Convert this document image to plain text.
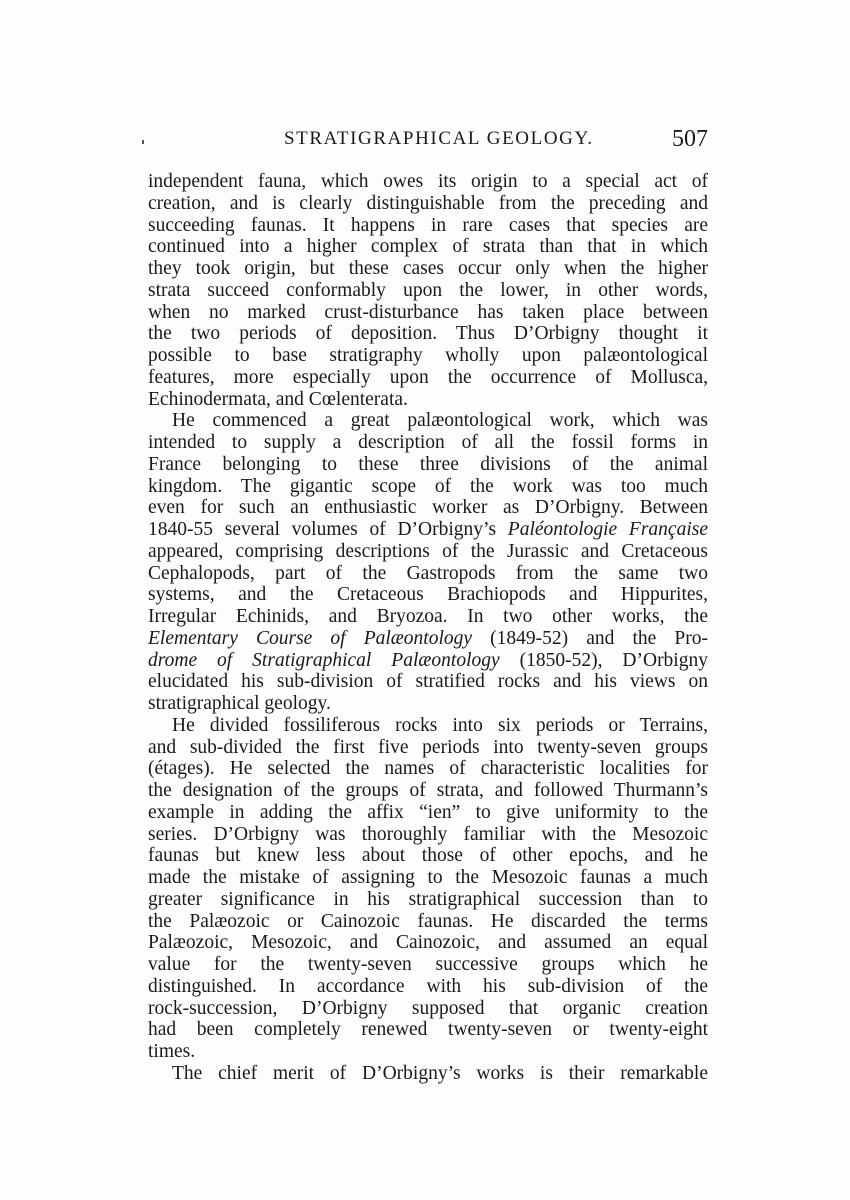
STRATIGRAPHICAL GEOLOGY.	507
independent fauna, which owes its origin to a special act of
creation, and is clearly distinguishable from the preceding and
succeeding faunas. It happens in rare cases that species are
continued into a higher complex of strata than that in which
they took origin, but these cases occur only when the higher
strata succeed conformably upon the lower, in other words,
when no marked crust-disturbance has taken place between
the two periods of deposition. Thus D’Orbigny thought it
possible to base stratigraphy wholly upon palæontological
features, more especially upon the occurrence of Mollusca,
Echinodermata, and Cœlenterata.
He commenced a great palæontological work, which was
intended to supply a description of all the fossil forms in
France belonging to these three divisions of the animal
kingdom. The gigantic scope of the work was too much
even for such an enthusiastic worker as D’Orbigny. Between
1840-55 several volumes of D’Orbigny’s Paléontologie Française
appeared, comprising descriptions of the Jurassic and Cretaceous
Cephalopods, part of the Gastropods from the same two
systems, and the Cretaceous Brachiopods and Hippurites,
Irregular Echinids, and Bryozoa. In two other works, the
Elementary Course of Palæontology (1849-52) and the Pro-
drome of Stratigraphical Palæontology (1850-52), D’Orbigny
elucidated his sub-division of stratified rocks and his views on
stratigraphical geology.
He divided fossiliferous rocks into six periods or Terrains,
and sub-divided the first five periods into twenty-seven groups
(étages). He selected the names of characteristic localities for
the designation of the groups of strata, and followed Thurmann’s
example in adding the affix “ien” to give uniformity to the
series. D’Orbigny was thoroughly familiar with the Mesozoic
faunas but knew less about those of other epochs, and he
made the mistake of assigning to the Mesozoic faunas a much
greater significance in his stratigraphical succession than to
the Palæozoic or Cainozoic faunas. He discarded the terms
Palæozoic, Mesozoic, and Cainozoic, and assumed an equal
value for the twenty-seven successive groups which he
distinguished. In accordance with his sub-division of the
rock-succession, D’Orbigny supposed that organic creation
had been completely renewed twenty-seven or twenty-eight
times.
The chief merit of D’Orbigny’s works is their remarkable
